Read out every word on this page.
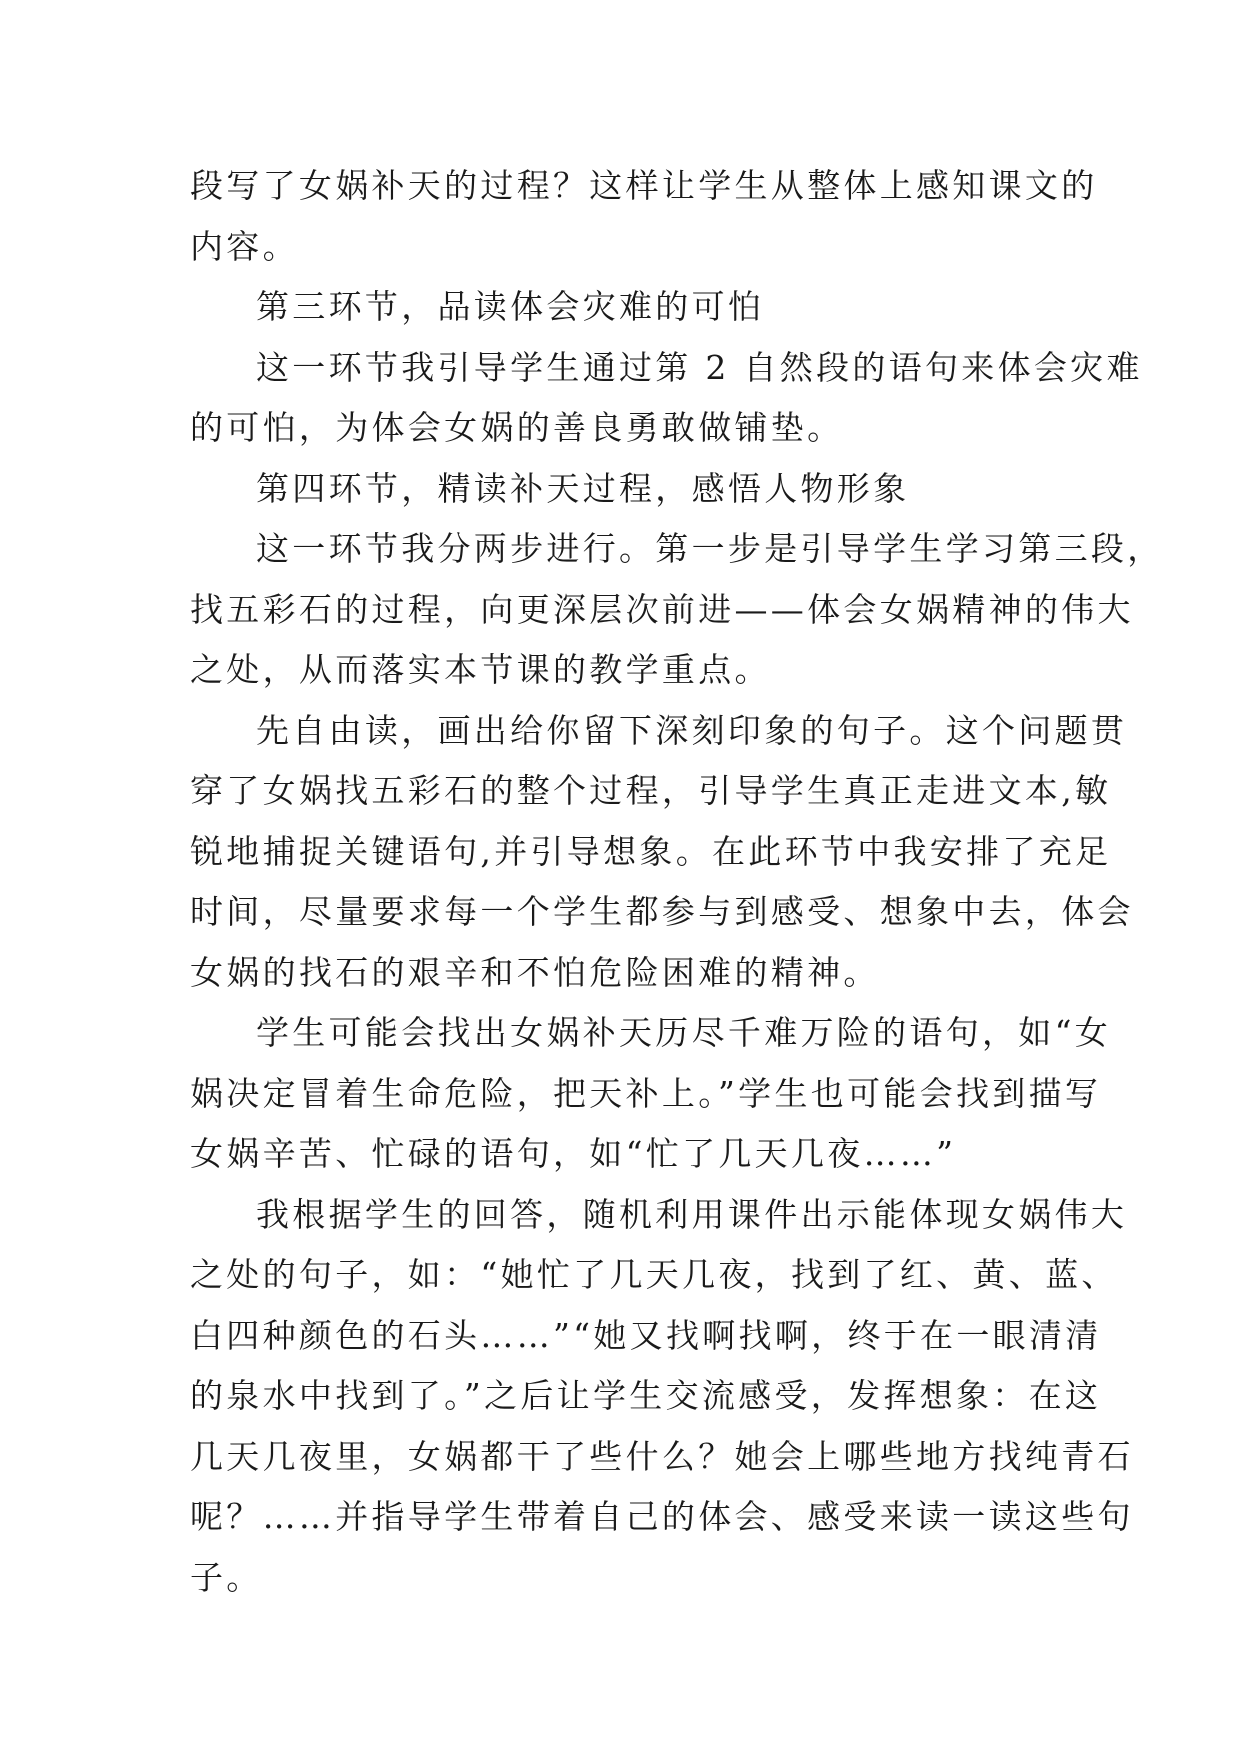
段写了女娲补天的过程？这样让学生从整体上感知课文的
内容。
第三环节，品读体会灾难的可怕
这一环节我引导学生通过第 2 自然段的语句来体会灾难
的可怕，为体会女娲的善良勇敢做铺垫。
第四环节，精读补天过程，感悟人物形象
这一环节我分两步进行。第一步是引导学生学习第三段，
找五彩石的过程，向更深层次前进——体会女娲精神的伟大
之处，从而落实本节课的教学重点。
先自由读，画出给你留下深刻印象的句子。这个问题贯
穿了女娲找五彩石的整个过程，引导学生真正走进文本,敏
锐地捕捉关键语句,并引导想象。在此环节中我安排了充足
时间，尽量要求每一个学生都参与到感受、想象中去，体会
女娲的找石的艰辛和不怕危险困难的精神。
学生可能会找出女娲补天历尽千难万险的语句，如“女
娲决定冒着生命危险，把天补上。”学生也可能会找到描写
女娲辛苦、忙碌的语句，如“忙了几天几夜……”
我根据学生的回答，随机利用课件出示能体现女娲伟大
之处的句子，如：“她忙了几天几夜，找到了红、黄、蓝、
白四种颜色的石头……”“她又找啊找啊，终于在一眼清清
的泉水中找到了。”之后让学生交流感受，发挥想象：在这
几天几夜里，女娲都干了些什么？她会上哪些地方找纯青石
呢？……并指导学生带着自己的体会、感受来读一读这些句
子。
